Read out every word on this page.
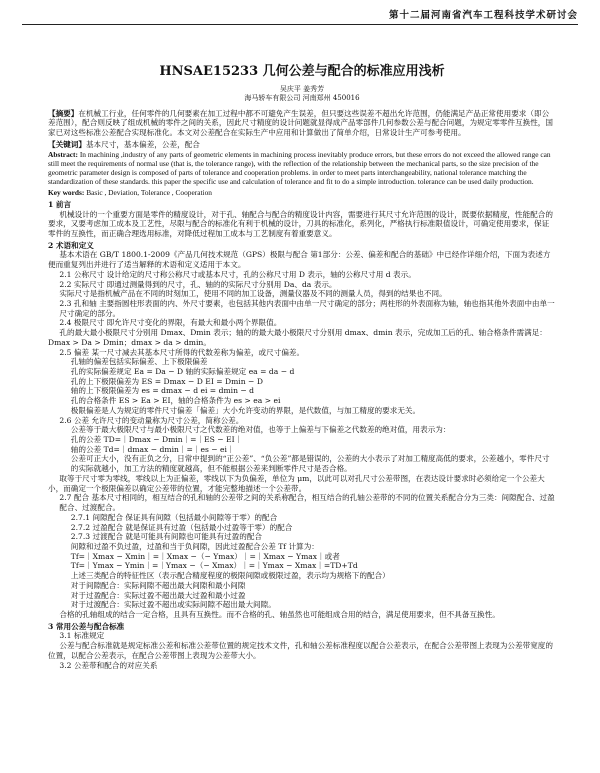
第十二届河南省汽车工程科技学术研讨会
HNSAE15233 几何公差与配合的标准应用浅析

吴庆平 姜秀芳

海马轿车有限公司 河南郑州 450016

【摘要】在机械工行业，任何零件的几何要素在加工过程中都不可避免产生误差，但只要这些误差不超出允许范围，仍能满足产品正常使用要求（即公差范围），配合则反映了组成机械的零件之间的关系，因此尺寸精度的设计问题就显得成产品零部件几何参数公差与配合问题，为规定零零件互换性，国家已对这些标准公差配合实现标准化。本文对公差配合在实际生产中应用和计算做出了简单介绍，日常设计生产可参考使用。

【关键词】基本尺寸，基本偏差，公差，配合

Abstract: In machining ,industry of any parts of geometric elements in machining process inevitably produce errors, but these errors do not exceed the allowed range can still meet the requirements of normal use (that is, the tolerance range), with the reflection of the relationship between the mechanical parts, so the size precision of the geometric parameter design is composed of parts of tolerance and cooperation problems. in order to meet parts interchangeability, national tolerance matching the standardization of these standards. this paper the specific use and calculation of tolerance and fit to do a simple introduction. tolerance can be used daily production.

Key words: Basic , Deviation, Tolerance , Cooperation

1 前言

机械设计的一个重要方面是零件的精度设计，对于孔、轴配合与配合的精度设计内容，需要进行其尺寸允许范围的设计，既要依据精度，性能配合的要求，又要考虑加工成本及工艺性，尽限与配合的标准化有利于机械的设计，刀具的标准化，系列化，严格执行标准限值设计，可确定使用要求，保证零件的互换性，而正确合理选用标准，对降低过程加工成本与工艺制度有着重要意义。

2 术语和定义

基本术语在 GB/T 1800.1-2009《产品几何技术规范（GPS）极限与配合 第1部分：公差、偏差和配合的基础》中已经作详细介绍，下面为表述方便而重复列出并进行了适当解释的术语和定义适用于本文。

2.1 公称尺寸 设计给定的尺寸称公称尺寸或基本尺寸，孔的公称尺寸用 D 表示，轴的公称尺寸用 d 表示。

2.2 实际尺寸 即通过测量得到的尺寸，孔、轴的的实际尺寸分别用 Da、da 表示。

实际尺寸是指机械产品在不同的时刻加工，使用不同的加工设备，测量仪器及不同的测量人员，得到的结果也不同。

2.3 孔和轴 主要指圆柱形表面的内、外尺寸要素，也包括其他内表面中由单一尺寸确定的部分；两柱形的外表面称为轴，轴也指其他外表面中由单一尺寸确定的部分。

2.4 极限尺寸 即允许尺寸变化的界限，有最大和最小两个界限值。

孔的最大最小极限尺寸分别用 Dmax、Dmin 表示；轴的的最大最小极限尺寸分别用 dmax、dmin 表示，完成加工后的孔、轴合格条件需满足：Dmax > Da > Dmin；dmax > da > dmin。

2.5 偏差 某一尺寸减去其基本尺寸所得的代数差称为偏差，或尺寸偏差。

孔轴的偏差包括实际偏差、上下极限偏差

孔的实际偏差规定 Ea = Da − D 轴的实际偏差规定 ea = da − d

孔的上下极限偏差为 ES = Dmax − D EI = Dmin − D

轴的上下极限偏差为 es = dmax − d ei = dmin − d

孔的合格条件 ES > Ea > EI，轴的合格条件为 es > ea > ei

极限偏差是人为规定的零件尺寸偏差「偏差」大小允许变动的界限，是代数值，与加工精度的要求无关。

2.6 公差 允许尺寸的变动量称为尺寸公差，简称公差。

公差等于最大极限尺寸与最小极限尺寸之代数差的绝对值，也等于上偏差与下偏差之代数差的绝对值，用表示为：

孔的公差 TD=｜Dmax − Dmin｜=｜ES − EI｜

轴的公差 Td=｜dmax − dmin｜=｜es − ei｜

公差可正大小，没有正负之分，日常中提到的“正公差”、“负公差”都是错误的，公差的大小表示了对加工精度高低的要求，公差越小，零件尺寸的实际就越小，加工方法的精度就越高，但不能根据公差来判断零件尺寸是否合格。

取等于尺寸零为零线，零线以上为正偏差，零线以下为负偏差，单位为 μm，以此可以对孔尺寸公差带图，在表达设计要求时必须给定一个公差大小，而确定一个极限偏差以确定公差带的位置，才能完整地描述一个公差带。

2.7 配合 基本尺寸相同的，相互结合的孔和轴的公差带之间的关系称配合，相互结合的孔轴公差带的不同的位置关系配合分为三类：间隙配合、过盈配合、过渡配合。

2.7.1 间隙配合 保证具有间隙（包括最小间隙等于零）的配合

2.7.2 过盈配合 就是保证具有过盈（包括最小过盈等于零）的配合

2.7.3 过渡配合 就是可能具有间隙也可能具有过盈的配合

间隙和过盈不负过盈，过盈和当于负间隙，因此过盈配合公差 Tf 计算为：

Tf=｜Xmax − Xmin｜=｜Xmax −（− Ymax）｜=｜Xmax − Ymax｜或者

Tf=｜Ymax − Ymin｜=｜Ymax −（− Xmax）｜=｜Ymax − Xmax｜=TD+Td

上述三类配合的特征性区（表示配合精度程度的极限间隙或极限过盈，表示均为规格下的配合）

对于间隙配合：实际间隙不超出最大间隙和最小间隙

对于过盈配合：实际过盈不超出最大过盈和最小过盈

对于过渡配合：实际过盈不超出或实际间隙不超出最大间隙。

合格的孔轴组成的结合一定合格，且具有互换性。而不合格的孔、轴虽然也可能组成合用的结合，满足使用要求，但不具备互换性。

3 常用公差与配合标准

3.1 标准规定

公差与配合标准就是规定标准公差和标准公差带位置的规定技术文件，孔和轴公差标准程度以配合公差表示，在配合公差带图上表现为公差带宽度的位置，以配合公差表示，在配合公差带图上表现为公差带大小。

3.2 公差带和配合的对应关系
